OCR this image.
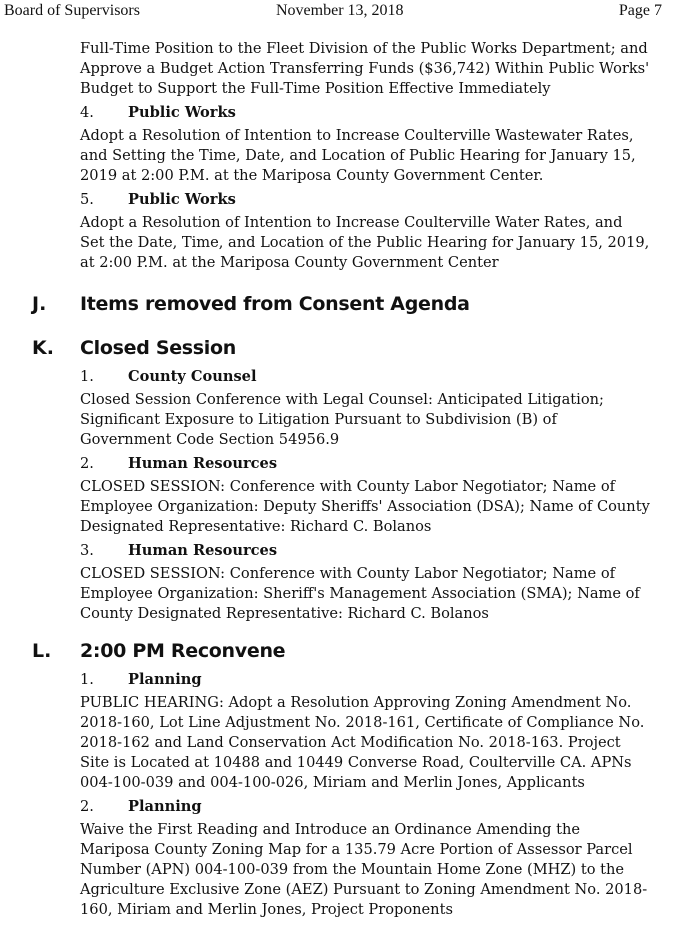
Board of Supervisors	November 13, 2018	Page 7

Full-Time Position to the Fleet Division of the Public Works Department; and Approve a Budget Action Transferring Funds ($36,742) Within Public Works' Budget to Support the Full-Time Position Effective Immediately

4. Public Works

Adopt a Resolution of Intention to Increase Coulterville Wastewater Rates, and Setting the Time, Date, and Location of Public Hearing for January 15, 2019 at 2:00 P.M. at the Mariposa County Government Center.

5. Public Works

Adopt a Resolution of Intention to Increase Coulterville Water Rates, and Set the Date, Time, and Location of the Public Hearing for January 15, 2019, at 2:00 P.M. at the Mariposa County Government Center

J. Items removed from Consent Agenda
K. Closed Session
1. County Counsel

Closed Session Conference with Legal Counsel: Anticipated Litigation; Significant Exposure to Litigation Pursuant to Subdivision (B) of Government Code Section 54956.9

2. Human Resources

CLOSED SESSION: Conference with County Labor Negotiator; Name of Employee Organization: Deputy Sheriffs' Association (DSA); Name of County Designated Representative: Richard C. Bolanos

3. Human Resources

CLOSED SESSION: Conference with County Labor Negotiator; Name of Employee Organization: Sheriff's Management Association (SMA); Name of County Designated Representative: Richard C. Bolanos

L. 2:00 PM Reconvene
1. Planning

PUBLIC HEARING: Adopt a Resolution Approving Zoning Amendment No. 2018-160, Lot Line Adjustment No. 2018-161, Certificate of Compliance No. 2018-162 and Land Conservation Act Modification No. 2018-163. Project Site is Located at 10488 and 10449 Converse Road, Coulterville CA. APNs 004-100-039 and 004-100-026, Miriam and Merlin Jones, Applicants

2. Planning

Waive the First Reading and Introduce an Ordinance Amending the Mariposa County Zoning Map for a 135.79 Acre Portion of Assessor Parcel Number (APN) 004-100-039 from the Mountain Home Zone (MHZ) to the Agriculture Exclusive Zone (AEZ) Pursuant to Zoning Amendment No. 2018-160, Miriam and Merlin Jones, Project Proponents
